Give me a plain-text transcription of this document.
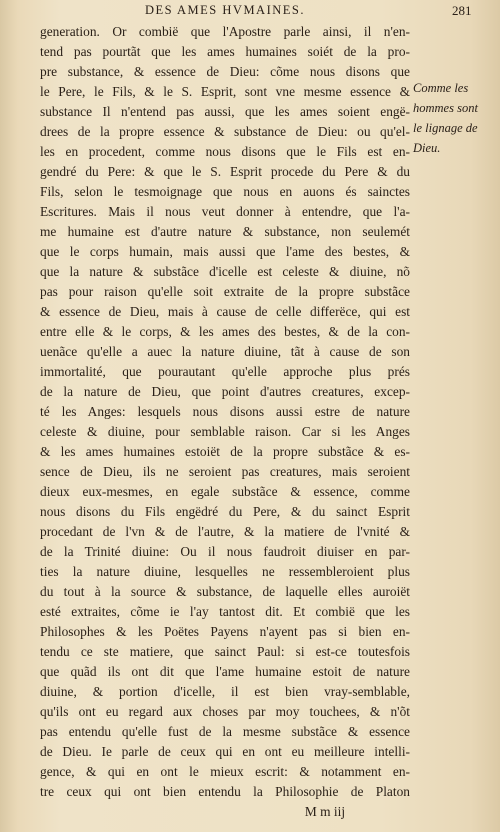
DES AMES HVMAINES.	281
generation. Or combië que l'Apostre parle ainsi, il n'en-
tend pas pourtãt que les ames humaines soiét de la pro-
pre substance, & essence de Dieu: cõme nous disons que
le Pere, le Fils, & le S. Esprit, sont vne mesme essence &
substance Il n'entend pas aussi, que les ames soient engë-
drees de la propre essence & substance de Dieu: ou qu'el-
les en procedent, comme nous disons que le Fils est en-
gendré du Pere: & que le S. Esprit procede du Pere & du
Fils, selon le tesmoignage que nous en auons és sainctes
Escritures. Mais il nous veut donner à entendre, que l'a-
me humaine est d'autre nature & substance, non seulemét
que le corps humain, mais aussi que l'ame des bestes, &
que la nature & substãce d'icelle est celeste & diuine, nõ
pas pour raison qu'elle soit extraite de la propre substãce
& essence de Dieu, mais à cause de celle differëce, qui est
entre elle & le corps, & les ames des bestes, & de la con-
uenãce qu'elle a auec la nature diuine, tãt à cause de son
immortalité, que pourautant qu'elle approche plus prés
de la nature de Dieu, que point d'autres creatures, excep-
té les Anges: lesquels nous disons aussi estre de nature
celeste & diuine, pour semblable raison. Car si les Anges
& les ames humaines estoiët de la propre substãce & es-
sence de Dieu, ils ne seroient pas creatures, mais seroient
dieux eux-mesmes, en egale substãce & essence, comme
nous disons du Fils engëdré du Pere, & du sainct Esprit
procedant de l'vn & de l'autre, & la matiere de l'vnité &
de la Trinité diuine: Ou il nous faudroit diuiser en par-
ties la nature diuine, lesquelles ne ressembleroient plus
du tout à la source & substance, de laquelle elles auroiët
esté extraites, cõme ie l'ay tantost dit. Et combië que les
Philosophes & les Poëtes Payens n'ayent pas si bien en-
tendu ce ste matiere, que sainct Paul: si est-ce toutesfois
que quãd ils ont dit que l'ame humaine estoit de nature
diuine, & portion d'icelle, il est bien vray-semblable,
qu'ils ont eu regard aux choses par moy touchees, & n'õt
pas entendu qu'elle fust de la mesme substãce & essence
de Dieu. Ie parle de ceux qui en ont eu meilleure intelli-
gence, & qui en ont le mieux escrit: & notamment en-
tre ceux qui ont bien entendu la Philosophie de Platon
M m iij
Comme les
hommes sont
le lignage de
Dieu.
